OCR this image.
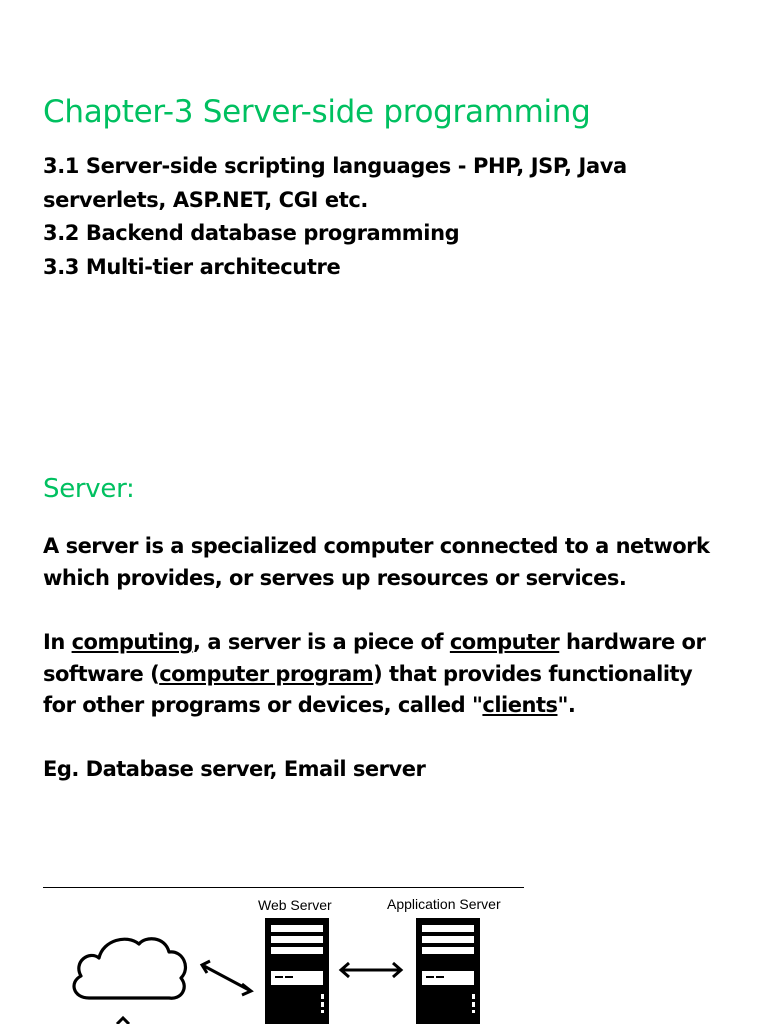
Chapter-3 Server-side programming
3.1 Server-side scripting languages - PHP, JSP, Java
serverlets, ASP.NET, CGI etc.
3.2 Backend database programming
3.3 Multi-tier architecutre
Server:
A server is a specialized computer connected to a network
which provides, or serves up resources or services.
In computing, a server is a piece of computer hardware or
software (computer program) that provides functionality
for other programs or devices, called "clients".
Eg. Database server, Email server
Web Server	Application Server
